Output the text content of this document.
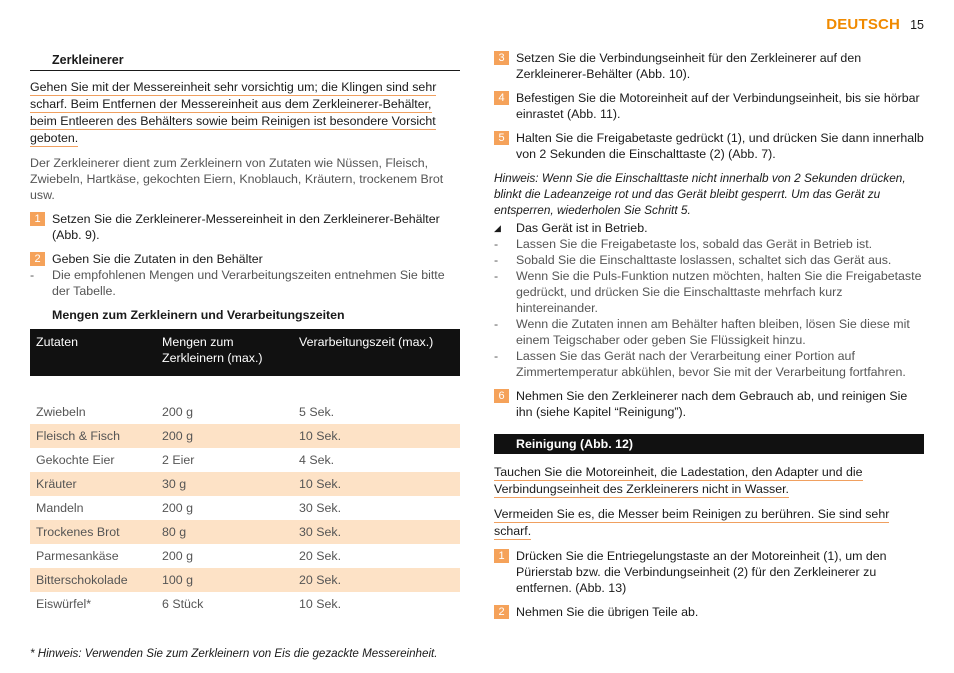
DEUTSCH 15
Zerkleinerer
Gehen Sie mit der Messereinheit sehr vorsichtig um; die Klingen sind sehr
scharf. Beim Entfernen der Messereinheit aus dem Zerkleinerer-Behälter,
beim Entleeren des Behälters sowie beim Reinigen ist besondere Vorsicht
geboten.

Der Zerkleinerer dient zum Zerkleinern von Zutaten wie Nüssen, Fleisch, Zwiebeln, Hartkäse, gekochten Eiern, Knoblauch, Kräutern, trockenem Brot usw.

1 Setzen Sie die Zerkleinerer-Messereinheit in den Zerkleinerer-Behälter (Abb. 9).
2 Geben Sie die Zutaten in den Behälter
-	Die empfohlenen Mengen und Verarbeitungszeiten entnehmen Sie bitte der Tabelle.
Mengen zum Zerkleinern und Verarbeitungszeiten
Zutaten	Mengen zum Zerkleinern (max.)	Verarbeitungszeit (max.)

Zwiebeln	200 g	5 Sek.
Fleisch & Fisch	200 g	10 Sek.
Gekochte Eier	2 Eier	4 Sek.
Kräuter	30 g	10 Sek.
Mandeln	200 g	30 Sek.
Trockenes Brot	80 g	30 Sek.
Parmesankäse	200 g	20 Sek.
Bitterschokolade	100 g	20 Sek.
Eiswürfel*	6 Stück	10 Sek.
* Hinweis: Verwenden Sie zum Zerkleinern von Eis die gezackte Messereinheit.
3 Setzen Sie die Verbindungseinheit für den Zerkleinerer auf den Zerkleinerer-Behälter (Abb. 10).
4 Befestigen Sie die Motoreinheit auf der Verbindungseinheit, bis sie hörbar einrastet (Abb. 11).
5 Halten Sie die Freigabetaste gedrückt (1), und drücken Sie dann innerhalb von 2 Sekunden die Einschalttaste (2) (Abb. 7).
Hinweis: Wenn Sie die Einschalttaste nicht innerhalb von 2 Sekunden drücken, blinkt die Ladeanzeige rot und das Gerät bleibt gesperrt. Um das Gerät zu entsperren, wiederholen Sie Schritt 5.
◢	Das Gerät ist in Betrieb.
-	Lassen Sie die Freigabetaste los, sobald das Gerät in Betrieb ist.
-	Sobald Sie die Einschalttaste loslassen, schaltet sich das Gerät aus.
-	Wenn Sie die Puls-Funktion nutzen möchten, halten Sie die Freigabetaste gedrückt, und drücken Sie die Einschalttaste mehrfach kurz hintereinander.
-	Wenn die Zutaten innen am Behälter haften bleiben, lösen Sie diese mit einem Teigschaber oder geben Sie Flüssigkeit hinzu.
-	Lassen Sie das Gerät nach der Verarbeitung einer Portion auf Zimmertemperatur abkühlen, bevor Sie mit der Verarbeitung fortfahren.
6 Nehmen Sie den Zerkleinerer nach dem Gebrauch ab, und reinigen Sie ihn (siehe Kapitel “Reinigung”).
Reinigung (Abb. 12)
Tauchen Sie die Motoreinheit, die Ladestation, den Adapter und die
Verbindungseinheit des Zerkleinerers nicht in Wasser.
Vermeiden Sie es, die Messer beim Reinigen zu berühren. Sie sind sehr
scharf.
1 Drücken Sie die Entriegelungstaste an der Motoreinheit (1), um den Pürierstab bzw. die Verbindungseinheit (2) für den Zerkleinerer zu entfernen. (Abb. 13)
2 Nehmen Sie die übrigen Teile ab.
